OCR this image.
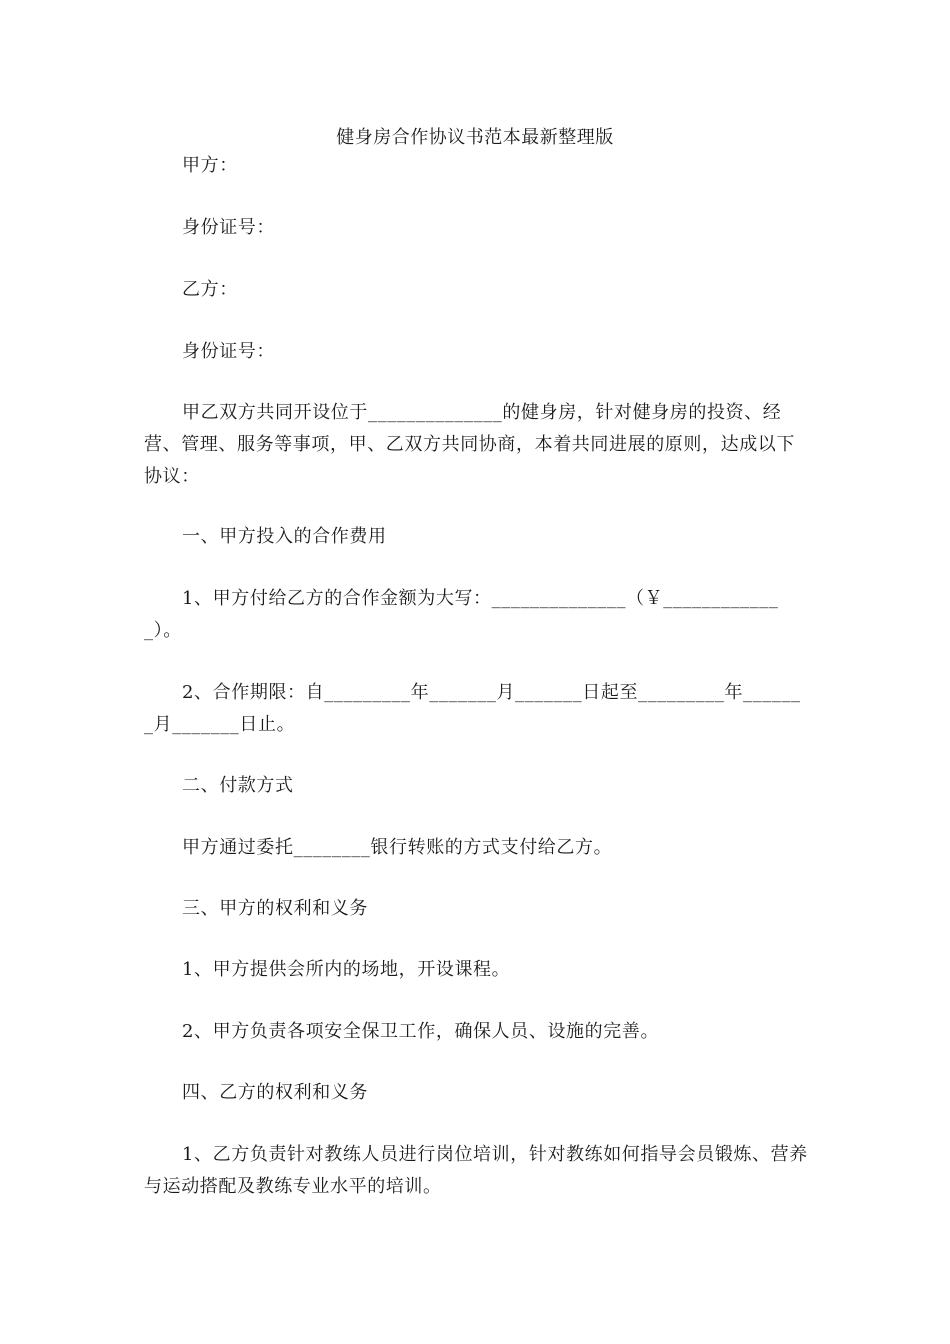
健身房合作协议书范本最新整理版
甲方：
身份证号：
乙方：
身份证号：
甲乙双方共同开设位于______________的健身房，针对健身房的投资、经营、管理、服务等事项，甲、乙双方共同协商，本着共同进展的原则，达成以下协议：
一、甲方投入的合作费用
1、甲方付给乙方的合作金额为大写：______________（￥____________ _）。
2、合作期限：自_________年_______月_______日起至_________年______ _月_______日止。
二、付款方式
甲方通过委托________银行转账的方式支付给乙方。
三、甲方的权利和义务
1、甲方提供会所内的场地，开设课程。
2、甲方负责各项安全保卫工作，确保人员、设施的完善。
四、乙方的权利和义务
1、乙方负责针对教练人员进行岗位培训，针对教练如何指导会员锻炼、营养与运动搭配及教练专业水平的培训。
